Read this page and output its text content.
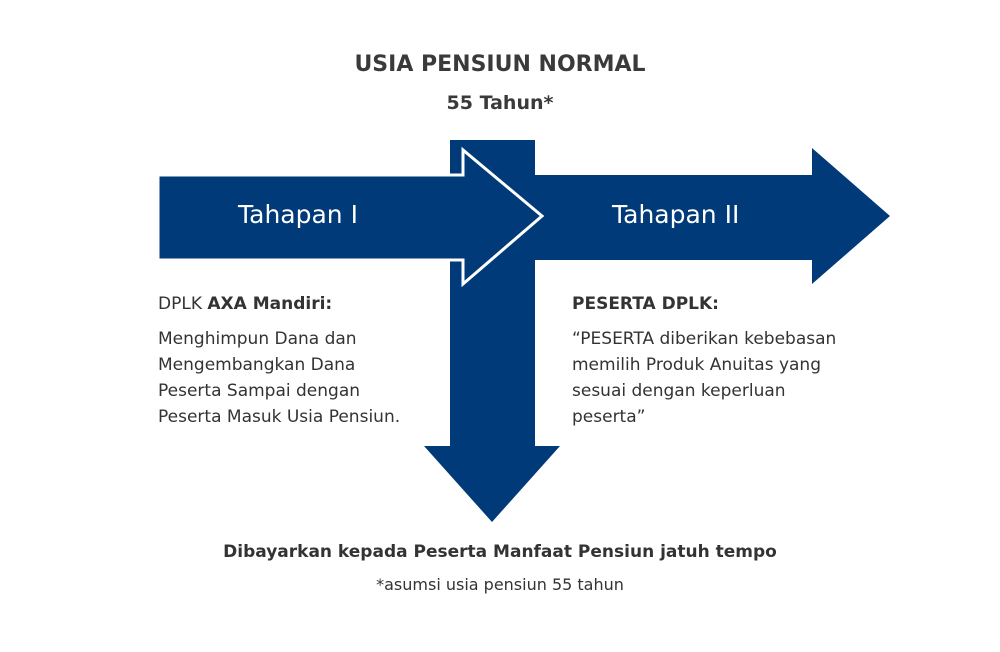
USIA PENSIUN NORMAL
55 Tahun*
Tahapan I	Tahapan II
DPLK AXA Mandiri:
Menghimpun Dana dan
Mengembangkan Dana
Peserta Sampai dengan
Peserta Masuk Usia Pensiun.
PESERTA DPLK:
“PESERTA diberikan kebebasan
memilih Produk Anuitas yang
sesuai dengan keperluan
peserta”
Dibayarkan kepada Peserta Manfaat Pensiun jatuh tempo
*asumsi usia pensiun 55 tahun
